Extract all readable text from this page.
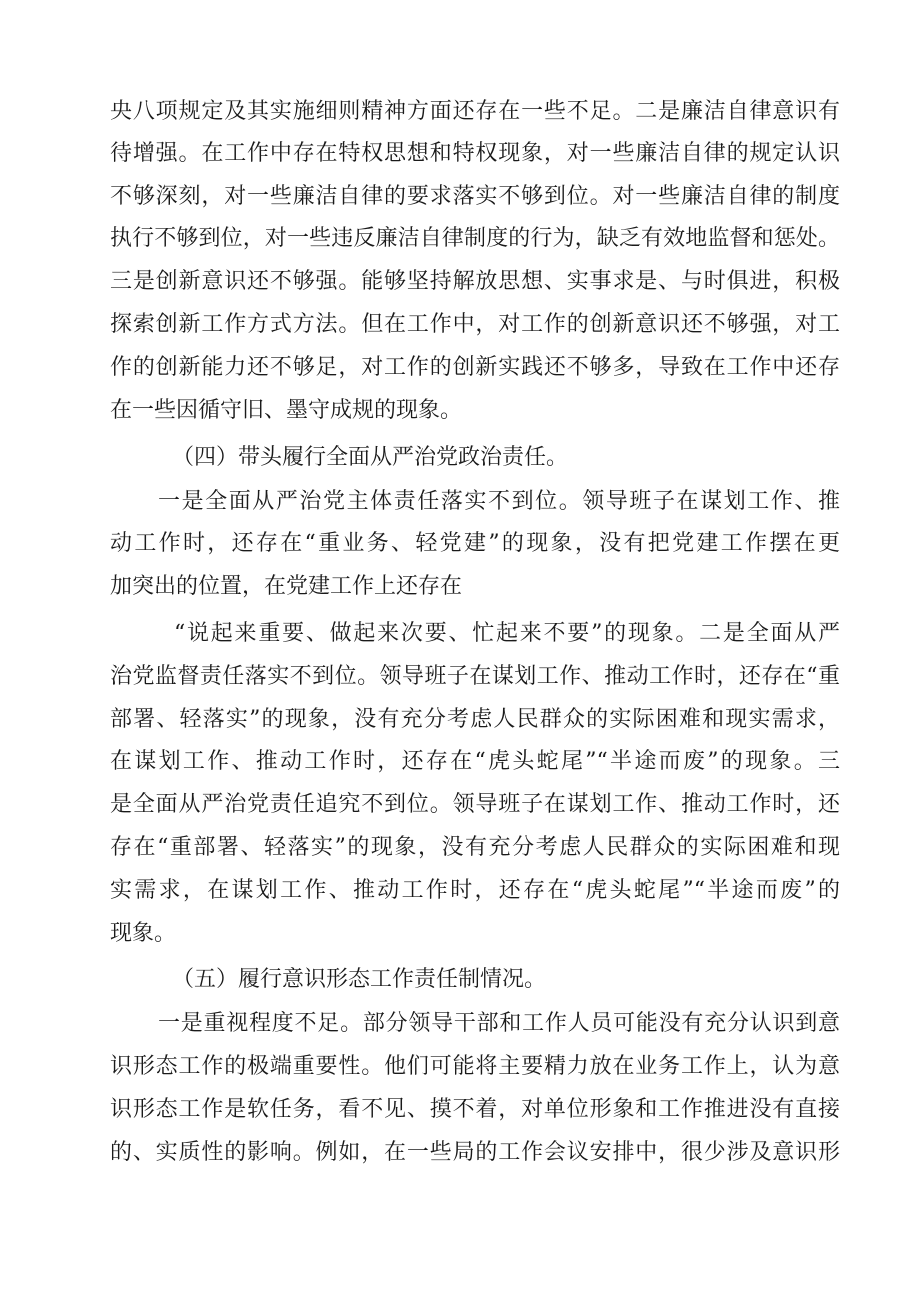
央八项规定及其实施细则精神方面还存在一些不足。二是廉洁自律意识有
待增强。在工作中存在特权思想和特权现象，对一些廉洁自律的规定认识
不够深刻，对一些廉洁自律的要求落实不够到位。对一些廉洁自律的制度
执行不够到位，对一些违反廉洁自律制度的行为，缺乏有效地监督和惩处。
三是创新意识还不够强。能够坚持解放思想、实事求是、与时俱进，积极
探索创新工作方式方法。但在工作中，对工作的创新意识还不够强，对工
作的创新能力还不够足，对工作的创新实践还不够多，导致在工作中还存
在一些因循守旧、墨守成规的现象。
（四）带头履行全面从严治党政治责任。
一是全面从严治党主体责任落实不到位。领导班子在谋划工作、推
动工作时，还存在“重业务、轻党建”的现象，没有把党建工作摆在更
加突出的位置，在党建工作上还存在
“说起来重要、做起来次要、忙起来不要”的现象。二是全面从严
治党监督责任落实不到位。领导班子在谋划工作、推动工作时，还存在“重
部署、轻落实”的现象，没有充分考虑人民群众的实际困难和现实需求，
在谋划工作、推动工作时，还存在“虎头蛇尾”“半途而废”的现象。三
是全面从严治党责任追究不到位。领导班子在谋划工作、推动工作时，还
存在“重部署、轻落实”的现象，没有充分考虑人民群众的实际困难和现
实需求，在谋划工作、推动工作时，还存在“虎头蛇尾”“半途而废”的
现象。
（五）履行意识形态工作责任制情况。
一是重视程度不足。部分领导干部和工作人员可能没有充分认识到意
识形态工作的极端重要性。他们可能将主要精力放在业务工作上，认为意
识形态工作是软任务，看不见、摸不着，对单位形象和工作推进没有直接
的、实质性的影响。例如，在一些局的工作会议安排中，很少涉及意识形
